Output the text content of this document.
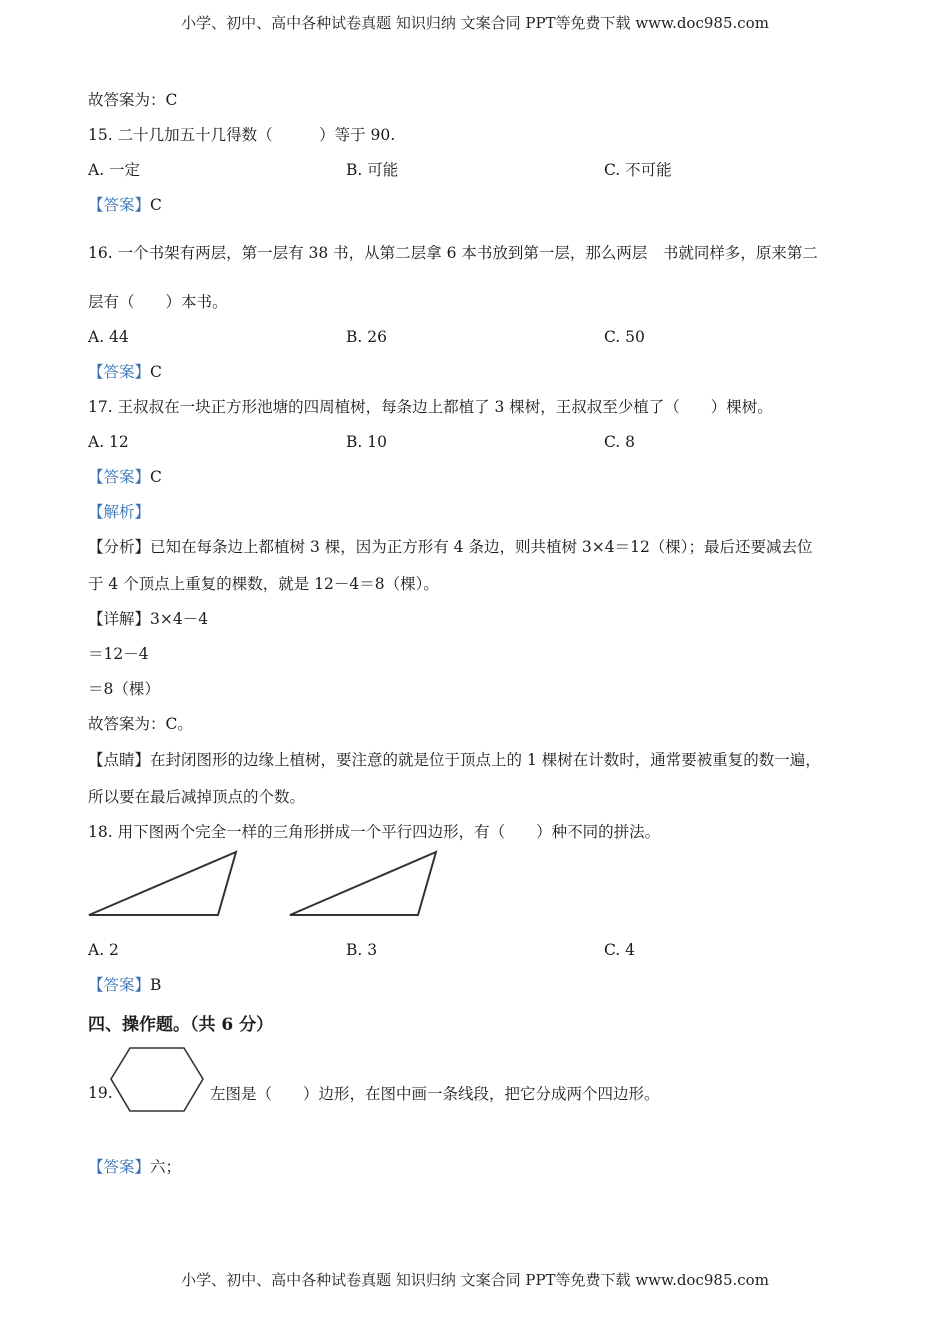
小学、初中、高中各种试卷真题 知识归纳 文案合同 PPT等免费下载 www.doc985.com
故答案为：C
15. 二十几加五十几得数（　　　）等于 90.
A. 一定	B. 可能	C. 不可能
【答案】C
16. 一个书架有两层，第一层有 38 书，从第二层拿 6 本书放到第一层，那么两层　书就同样多，原来第二
层有（　　）本书。
A. 44	B. 26	C. 50
【答案】C
17. 王叔叔在一块正方形池塘的四周植树，每条边上都植了 3 棵树，王叔叔至少植了（　　）棵树。
A. 12	B. 10	C. 8
【答案】C
【解析】
【分析】已知在每条边上都植树 3 棵，因为正方形有 4 条边，则共植树 3×4＝12（棵）；最后还要减去位
于 4 个顶点上重复的棵数，就是 12－4＝8（棵）。
【详解】3×4－4
＝12－4
＝8（棵）
故答案为：C。
【点睛】在封闭图形的边缘上植树，要注意的就是位于顶点上的 1 棵树在计数时，通常要被重复的数一遍，
所以要在最后减掉顶点的个数。
18. 用下图两个完全一样的三角形拼成一个平行四边形，有（　　）种不同的拼法。
A. 2	B. 3	C. 4
【答案】B
四、操作题。（共 6 分）
19.	左图是（　　）边形，在图中画一条线段，把它分成两个四边形。
【答案】六；
小学、初中、高中各种试卷真题 知识归纳 文案合同 PPT等免费下载 www.doc985.com
